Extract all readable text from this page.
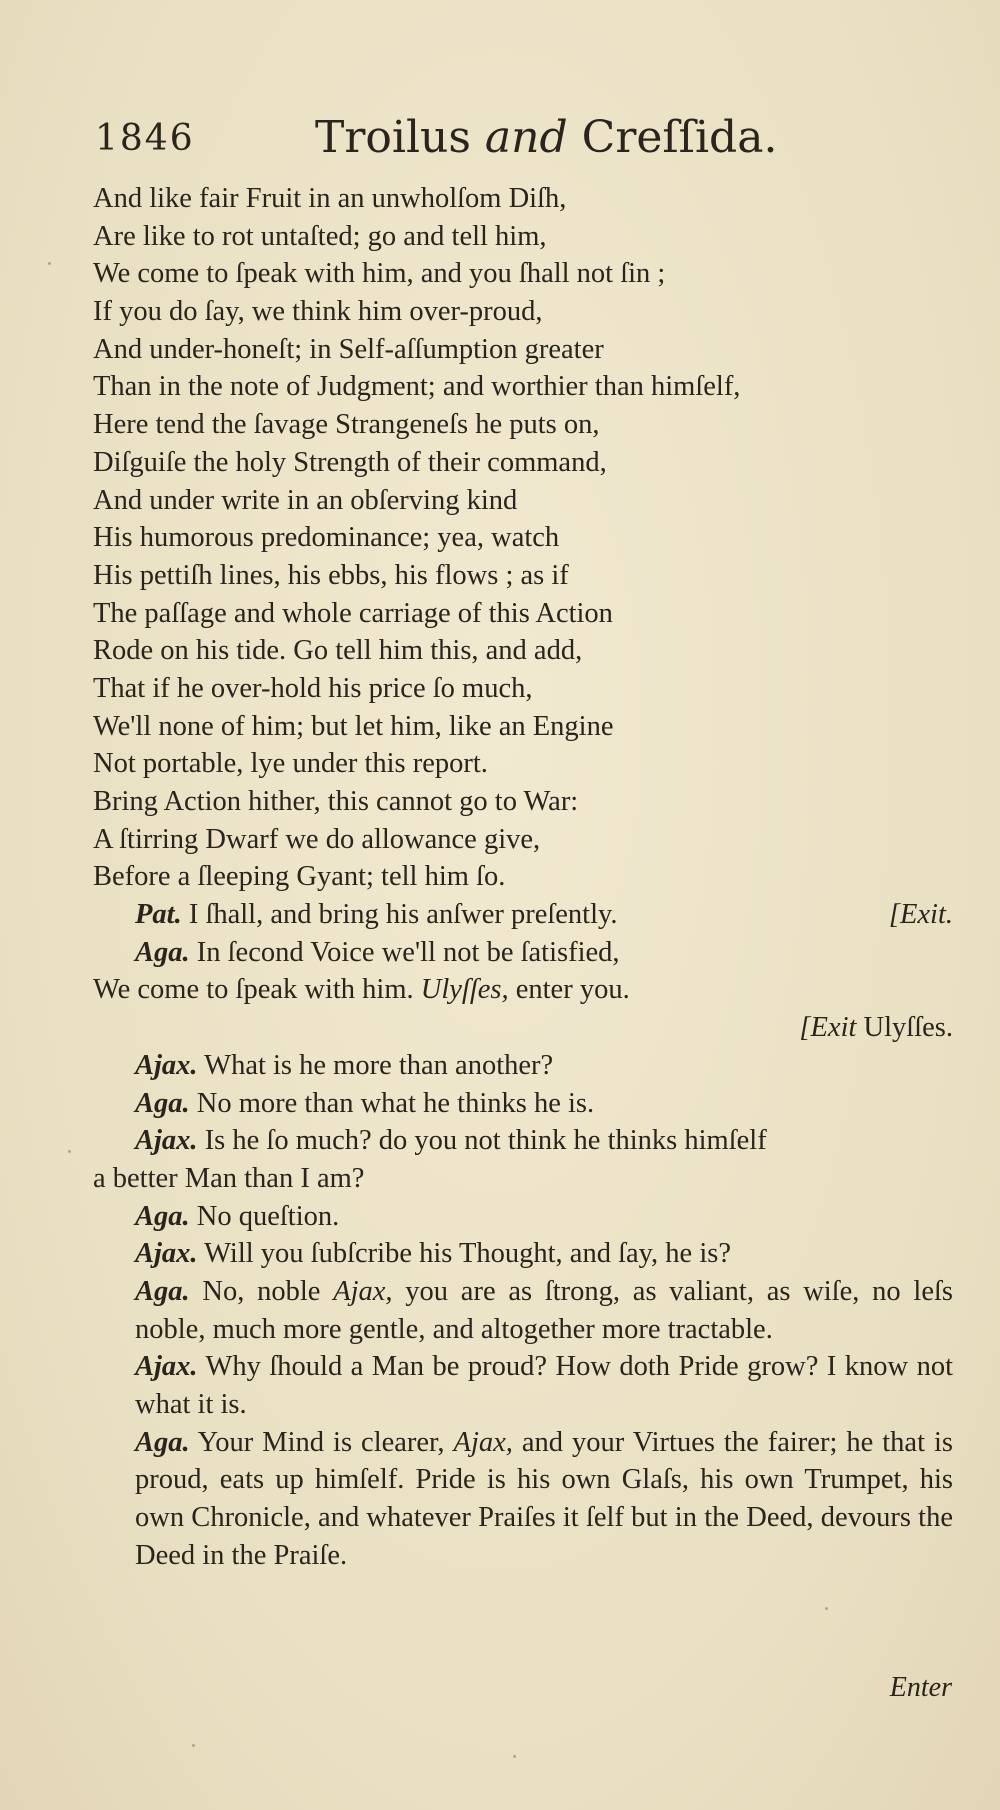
1846	Troilus and Creſſida.
And like fair Fruit in an unwholſom Diſh,
Are like to rot untaſted; go and tell him,
We come to ſpeak with him, and you ſhall not ſin ;
If you do ſay, we think him over-proud,
And under-honeſt; in Self-aſſumption greater
Than in the note of Judgment; and worthier than himſelf,
Here tend the ſavage Strangeneſs he puts on,
Diſguiſe the holy Strength of their command,
And under write in an obſerving kind
His humorous predominance; yea, watch
His pettiſh lines, his ebbs, his flows ; as if
The paſſage and whole carriage of this Action
Rode on his tide. Go tell him this, and add,
That if he over-hold his price ſo much,
We'll none of him; but let him, like an Engine
Not portable, lye under this report.
Bring Action hither, this cannot go to War:
A ſtirring Dwarf we do allowance give,
Before a ſleeping Gyant; tell him ſo.
Pat. I ſhall, and bring his anſwer preſently.	[Exit.
Aga. In ſecond Voice we'll not be ſatisfied,
We come to ſpeak with him. Ulyſſes, enter you.
[Exit Ulyſſes.
Ajax. What is he more than another?
Aga. No more than what he thinks he is.
Ajax. Is he ſo much? do you not think he thinks himſelf
a better Man than I am?
Aga. No queſtion.
Ajax. Will you ſubſcribe his Thought, and ſay, he is?
Aga. No, noble Ajax, you are as ſtrong, as valiant, as wiſe, no leſs noble, much more gentle, and altogether more tractable.
Ajax. Why ſhould a Man be proud? How doth Pride grow? I know not what it is.
Aga. Your Mind is clearer, Ajax, and your Virtues the fairer; he that is proud, eats up himſelf. Pride is his own Glaſs, his own Trumpet, his own Chronicle, and whatever Praiſes it ſelf but in the Deed, devours the Deed in the Praiſe.
Enter
